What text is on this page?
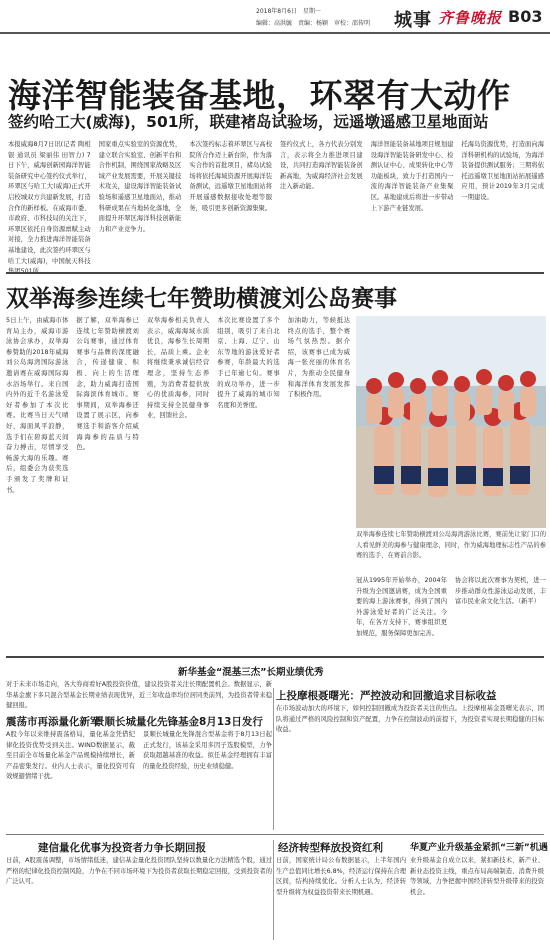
2018年8月6日　星期一
编辑：高洪毓　责编：杨颖　审校：邵传明 城事 齐鲁晚报 B03
海洋智能装备基地，环翠有大动作
签约哈工大(威海)，501所，联建褚岛试验场，远遥墩遥感卫星地面站
本报威海8月7日讯(记者 陶相银 通讯员 梁丽伟 田智力) 7日下午，威海创新园海洋智能装备研究中心签约仪式举行，环翠区与哈工大(威海)正式开启校城双方共建新发展，打造合作的新样板。在威海市委、市政府、市科技局的关注下，环翠区依托自身资源禀赋主动对接，全力推进海洋智能装备基地建设，此次签约环翠区与哈工大(威海)，中国航天科技
国家重点实验室的资源优势，建立联合实验室、创新平台和合作机制，围绕国家战略及区域产业发展需要，开展关键技术攻关，建设海洋智能装备试验场和遥感卫星地面站，推动科研成果在当地转化落地，全面提升环翠区海洋科技创新能力和产业竞争力。
本次签约标志着环翠区与高校院所合作迈上新台阶，作为落实合作的首批项目，褚岛试验场将依托海域资源开展海洋装备测试，远遥墩卫星地面站将开展遥感数据接收处理等服务，吸引更多创新资源集聚。
签约仪式上，各方代表分别发言，表示将全力推进项目建设，共同打造海洋智能装备创新高地，为威海经济社会发展注入新动能。
海洋智能装备基地项目规划建设海洋智能装备研发中心、检测认证中心、成果转化中心等功能板块，致力于打造国内一流的海洋智能装备产业集聚区。基地建成后将进一步带动上下游产业链发展。
托海岛资源优势，打造面向海洋科研机构的试验场，为海洋装备提供测试服务；三期将依托远遥墩卫星地面站拓展遥感应用，预计2019年3月完成一期建设。
双举海参连续七年赞助横渡刘公岛赛事
5日上午，由威海市体育局主办，威海市游泳协会承办，双举海参赞助的2018年威海刘公岛海湾国际游泳邀请赛在威海国际海水浴场举行。来自国内外的近千名游泳爱好者参加了本次比赛。比赛当日天气晴好，海面风平浪静，选手们在碧海蓝天间奋力搏击，尽情享受畅游大海的乐趣。赛后，组委会为获奖选手颁发了奖牌和证书。
据了解，双举海参已连续七年赞助横渡刘公岛赛事，通过体育赛事与品牌的深度融合，传递健康、积极、向上的生活理念，助力威海打造国际海滨体育城市。赛事期间，双举海参还设置了展示区，向参赛选手和游客介绍威海海参的品质与特色。
双举海参相关负责人表示，威海海域水质优良，海参生长周期长，品质上乘。企业将继续秉承诚信经营理念，坚持生态养殖，为消费者提供放心的优质海参，同时持续支持全民健身事业，回馈社会。
本次比赛设置了多个组别，吸引了来自北京、上海、辽宁、山东等地的游泳爱好者参赛，年龄最大的选手已年逾七旬。赛事的成功举办，进一步提升了威海的城市知名度和美誉度。
加油助力，等候抵达终点的选手，整个赛场气氛热烈。据介绍，该赛事已成为威海一张亮丽的体育名片，为推动全民健身和海洋体育发展发挥了积极作用。
双举海参连续七年赞助横渡刘公岛海湾游泳比赛，赛前先让家门口的人看见鲜美的海参与健康理念，同时，作为威海地理标志性产品的参赛的选手、在赛前合影。
冠从1995年开始举办，2004年升级为全国邀请赛，成为全国重要的海上游泳赛事，得到了国内外游泳爱好者的广泛关注。今年，在各方支持下，赛事组织更加规范，服务保障更加完善。
协会将以此次赛事为契机，进一步推动群众性游泳运动发展，丰富市民业余文化生活。（新平）
新华基金“混基三杰”长期业绩优秀
对于未来市场走向，各大券商看好A股投资价值，建议投资者关注长期配置机会。数据显示，新华基金旗下多只混合型基金长期业绩表现优异，近三年收益率均位居同类前列，为投资者带来稳健回报。
震荡市再添量化新军
景顺长城量化先锋基金8月13日发行
A股今年以来维持震荡格局，量化基金凭借纪律化投资优势受到关注。WIND数据显示，截至目前全市场量化基金产品规模持续增长，新产品密集发行。业内人士表示，量化投资可有效规避情绪干扰。
景顺长城量化先锋混合型基金将于8月13日起正式发行，该基金采用多因子选股模型，力争获取超越基准的收益。拟任基金经理拥有丰富的量化投资经验，历史业绩稳健。
上投摩根聂曙光：严控波动和回撤追求目标收益
在市场波动加大的环境下，如何控制回撤成为投资者关注的焦点。上投摩根基金聂曙光表示，团队将通过严格的风险控制和资产配置，力争在控制波动的前提下，为投资者实现长期稳健的目标收益。
建信量化优事为投资者力争长期回报
日前，A股震荡调整，市场情绪低迷，建信基金量化投资团队坚持以数量化方法精选个股，通过严格的纪律化投资控制风险，力争在不同市场环境下为投资者获取长期稳定回报，受到投资者的广泛认可。
经济转型释放投资红利
日前，国家统计局公布数据显示，上半年国内生产总值同比增长6.8%，经济运行保持在合理区间，结构持续优化。分析人士认为，经济转型升级将为权益投资带来长期机遇。
华夏产业升级基金紧抓“三新”机遇
业升级基金自成立以来，紧扣新技术、新产业、新业态投资主线，重点布局高端制造、消费升级等领域，力争把握中国经济转型升级带来的投资机会。
